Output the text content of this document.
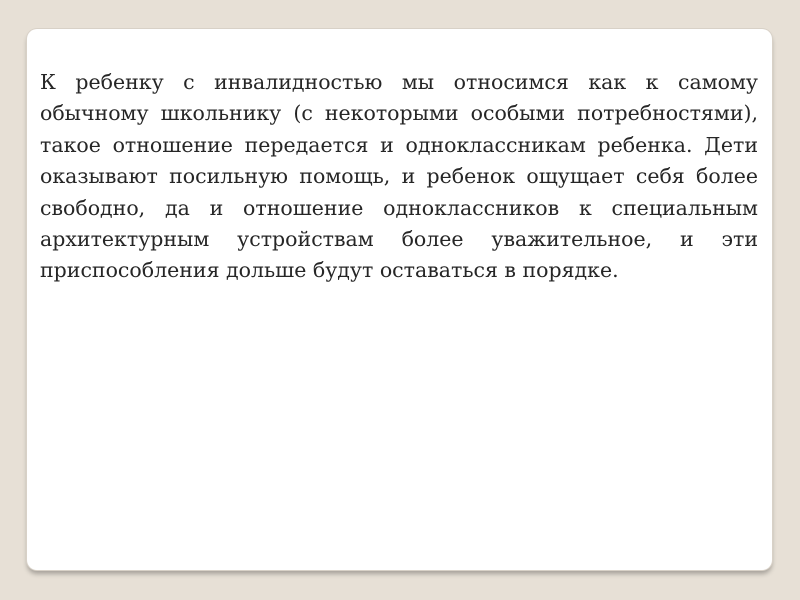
К ребенку с инвалидностью мы относимся как к самому обычному школьнику (с некоторыми особыми потребностями), такое отношение передается и одноклассникам ребенка. Дети оказывают посильную помощь, и ребенок ощущает себя более свободно, да и отношение одноклассников к специальным архитектурным устройствам более уважительное, и эти приспособления дольше будут оставаться в порядке.
